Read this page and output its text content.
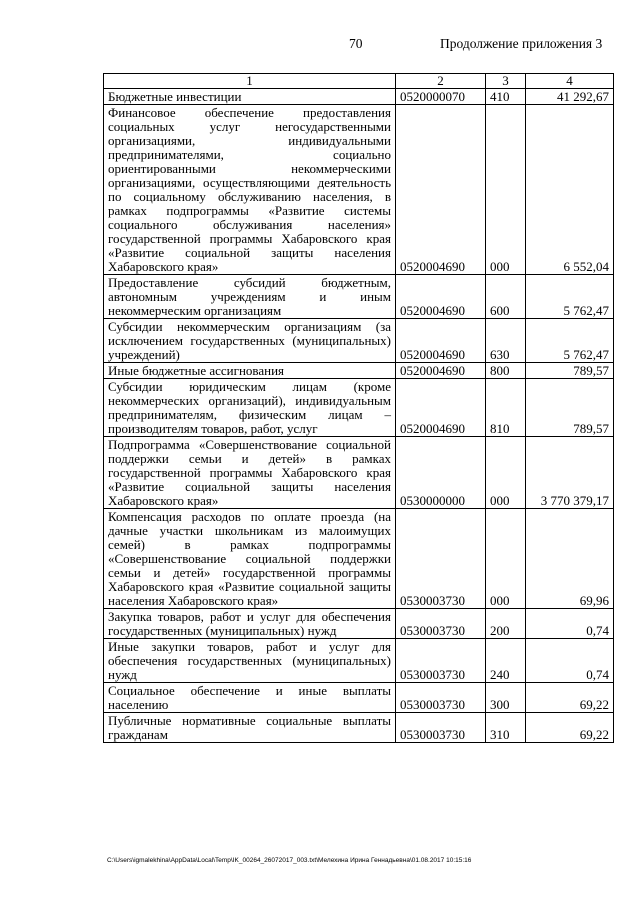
70	Продолжение приложения 3
1	2	3	4
Бюджетные инвестиции	0520000070	410	41 292,67
Финансовое обеспечение предоставления социальных услуг негосударственными организациями, индивидуальными предпринимателями, социально ориентированными некоммерческими организациями, осуществляющими деятельность по социальному обслуживанию населения, в рамках подпрограммы «Развитие системы социального обслуживания населения» государственной программы Хабаровского края «Развитие социальной защиты населения Хабаровского края»	0520004690	000	6 552,04
Предоставление субсидий бюджетным, автономным учреждениям и иным некоммерческим организациям	0520004690	600	5 762,47
Субсидии некоммерческим организациям (за исключением государственных (муниципальных) учреждений)	0520004690	630	5 762,47
Иные бюджетные ассигнования	0520004690	800	789,57
Субсидии юридическим лицам (кроме некоммерческих организаций), индивидуальным предпринимателям, физическим лицам – производителям товаров, работ, услуг	0520004690	810	789,57
Подпрограмма «Совершенствование социальной поддержки семьи и детей» в рамках государственной программы Хабаровского края «Развитие социальной защиты населения Хабаровского края»	0530000000	000	3 770 379,17
Компенсация расходов по оплате проезда (на дачные участки школьникам из малоимущих семей) в рамках подпрограммы «Совершенствование социальной поддержки семьи и детей» государственной программы Хабаровского края «Развитие социальной защиты населения Хабаровского края»	0530003730	000	69,96
Закупка товаров, работ и услуг для обеспечения государственных (муниципальных) нужд	0530003730	200	0,74
Иные закупки товаров, работ и услуг для обеспечения государственных (муниципальных) нужд	0530003730	240	0,74
Социальное обеспечение и иные выплаты населению	0530003730	300	69,22
Публичные нормативные социальные выплаты гражданам	0530003730	310	69,22
C:\Users\igmalekhina\AppData\Local\Temp\IK_00264_26072017_003.txt\Мелехина Ирина Геннадьевна\01.08.2017 10:15:16
